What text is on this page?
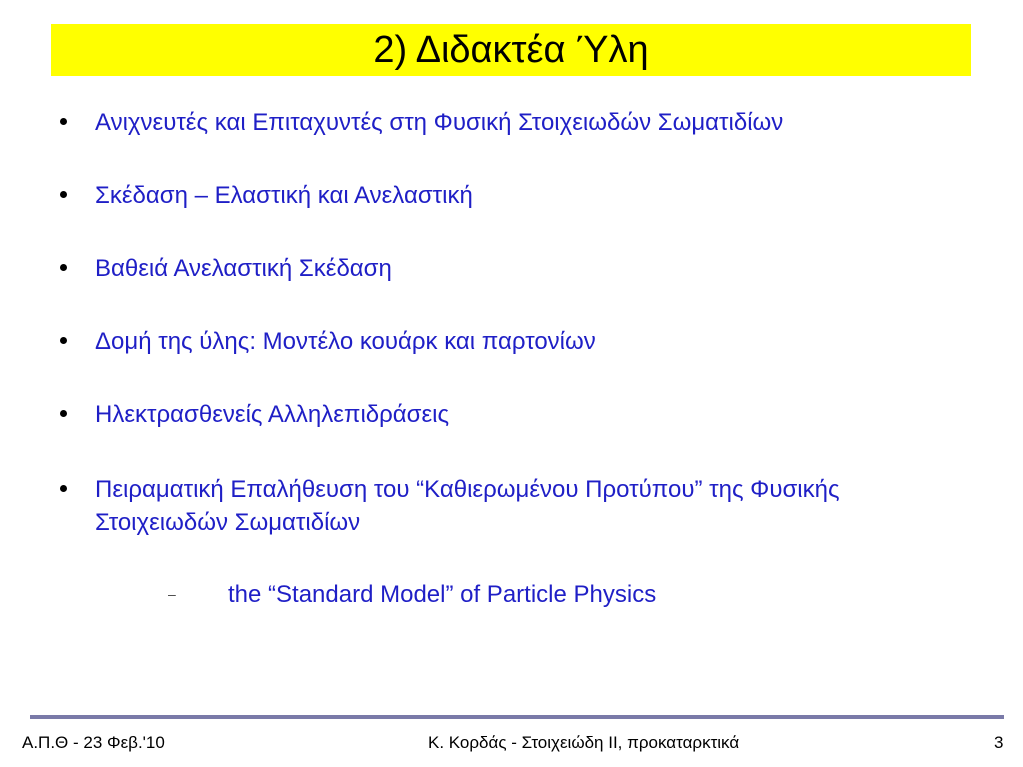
2) Διδακτέα Ύλη
Ανιχνευτές και Επιταχυντές στη Φυσική Στοιχειωδών Σωματιδίων
Σκέδαση – Ελαστική και Ανελαστική
Βαθειά Ανελαστική Σκέδαση
Δομή της ύλης: Μοντέλο κουάρκ και παρτονίων
Ηλεκτρασθενείς Αλληλεπιδράσεις
Πειραματική Επαλήθευση του “Καθιερωμένου Προτύπου” της Φυσικής Στοιχειωδών Σωματιδίων
– the “Standard Model” of Particle Physics
Α.Π.Θ - 23 Φεβ.'10	Κ. Κορδάς - Στοιχειώδη ΙΙ, προκαταρκτικά	3
